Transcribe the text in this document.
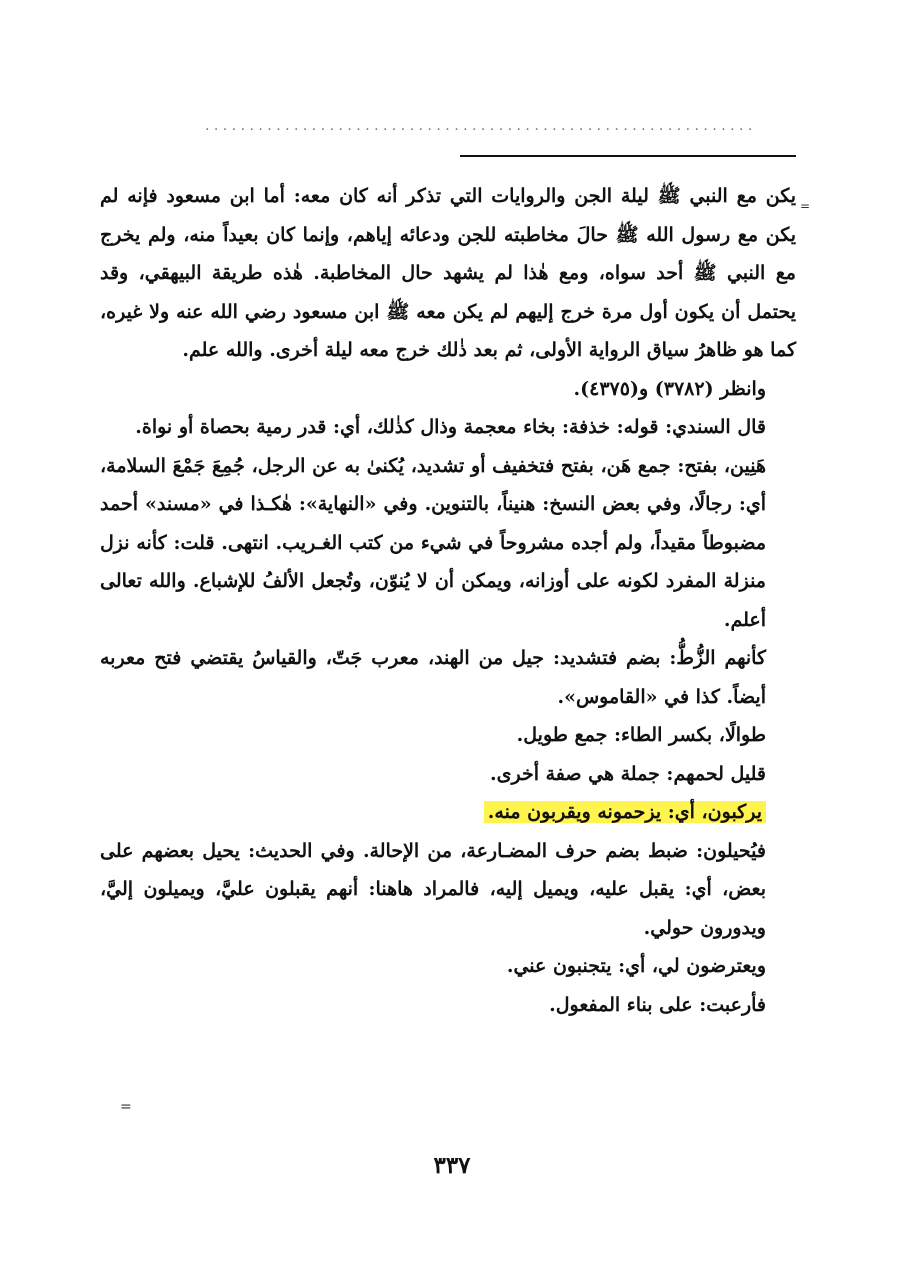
. . . . . . . . . . . . . . . . . . . . . . . . . . . . . . . . . . . . . . . . . . . . . . . . . . . . . . . . . . . . . .
=

يكن مع النبي ﷺ ليلة الجن والروايات التي تذكر أنه كان معه: أما ابن مسعود فإنه لم يكن مع رسول الله ﷺ حالَ مخاطبته للجن ودعائه إياهم، وإنما كان بعيداً منه، ولم يخرج مع النبي ﷺ أحد سواه، ومع هٰذا لم يشهد حال المخاطبة. هٰذه طريقة البيهقي، وقد يحتمل أن يكون أول مرة خرج إليهم لم يكن معه ﷺ ابن مسعود رضي الله عنه ولا غيره، كما هو ظاهرُ سياق الرواية الأولى، ثم بعد ذٰلك خرج معه ليلة أخرى. والله علم.

وانظر (٣٧٨٢) و(٤٣٧٥).

قال السندي: قوله: خذفة: بخاء معجمة وذال كذٰلك، أي: قدر رمية بحصاة أو نواة.

هَنِين، بفتح: جمع هَن، بفتح فتخفيف أو تشديد، يُكنىٰ به عن الرجل، جُمِعَ جَمْعَ السلامة، أي: رجالًا، وفي بعض النسخ: هنيناً، بالتنوين. وفي «النهاية»: هٰكـذا في «مسند» أحمد مضبوطاً مقيداً، ولم أجده مشروحاً في شيء من كتب الغـريب. انتهى. قلت: كأنه نزل منزلة المفرد لكونه على أوزانه، ويمكن أن لا يُنوّن، وتُجعل الألفُ للإشباع. والله تعالى أعلم.

كأنهم الزُّطُّ: بضم فتشديد: جيل من الهند، معرب جَتّ، والقياسُ يقتضي فتح معربه أيضاً. كذا في «القاموس».

طوالًا، بكسر الطاء: جمع طويل.

قليل لحمهم: جملة هي صفة أخرى.

يركبون، أي: يزحمونه ويقربون منه.

فيُحيلون: ضبط بضم حرف المضـارعة، من الإحالة. وفي الحديث: يحيل بعضهم على بعض، أي: يقبل عليه، ويميل إليه، فالمراد هاهنا: أنهم يقبلون عليَّ، ويميلون إليَّ، ويدورون حولي.

ويعترضون لي، أي: يتجنبون عني.

فأرعبت: على بناء المفعول.

=
٣٣٧
